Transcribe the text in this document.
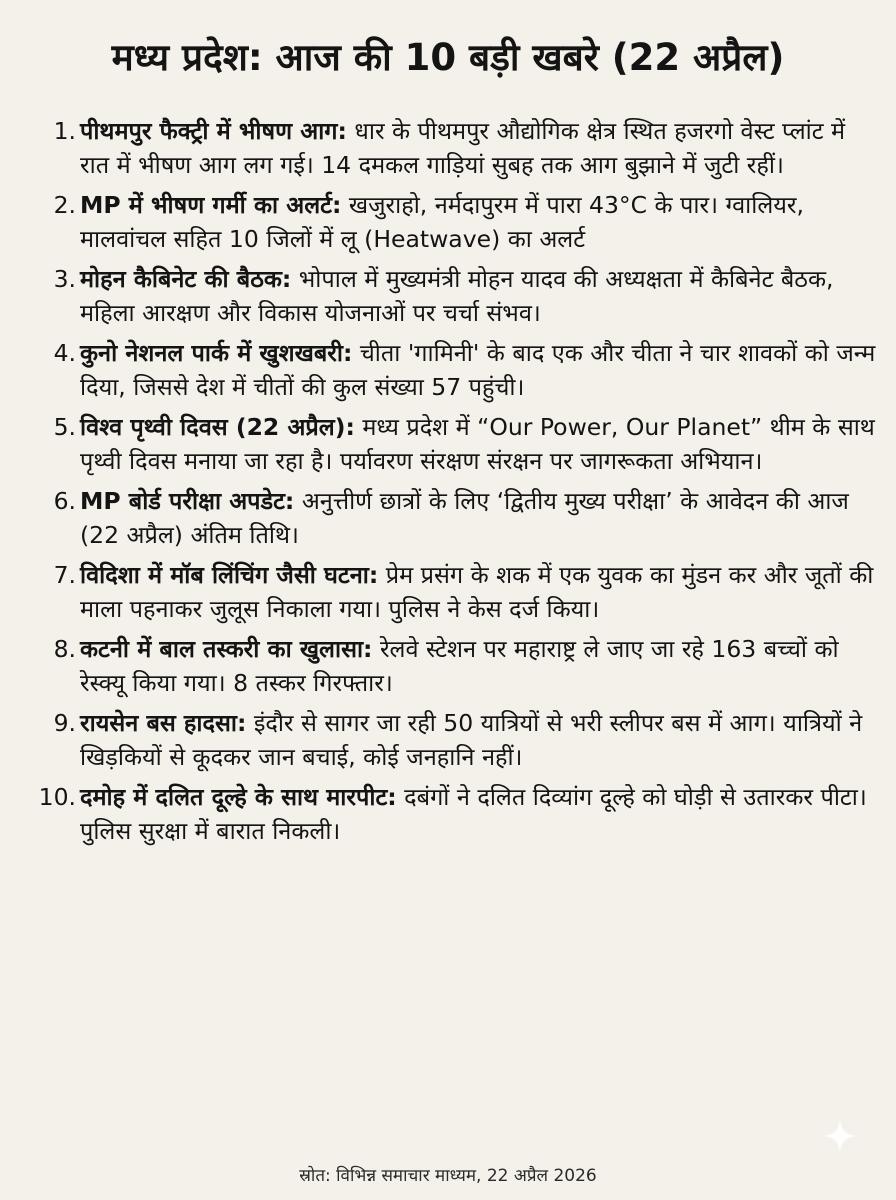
मध्य प्रदेश: आज की 10 बड़ी खबरे (22 अप्रैल)
1. पीथमपुर फैक्ट्री में भीषण आग: धार के पीथमपुर औद्योगिक क्षेत्र स्थित हजरगो वेस्ट प्लांट में रात में भीषण आग लग गई। 14 दमकल गाड़ियां सुबह तक आग बुझाने में जुटी रहीं।
2. MP में भीषण गर्मी का अलर्ट: खजुराहो, नर्मदापुरम में पारा 43°C के पार। ग्वालियर, मालवांचल सहित 10 जिलों में लू (Heatwave) का अलर्ट
3. मोहन कैबिनेट की बैठक: भोपाल में मुख्यमंत्री मोहन यादव की अध्यक्षता में कैबिनेट बैठक, महिला आरक्षण और विकास योजनाओं पर चर्चा संभव।
4. कुनो नेशनल पार्क में खुशखबरी: चीता 'गामिनी' के बाद एक और चीता ने चार शावकों को जन्म दिया, जिससे देश में चीतों की कुल संख्या 57 पहुंची।
5. विश्व पृथ्वी दिवस (22 अप्रैल): मध्य प्रदेश में “Our Power, Our Planet” थीम के साथ पृथ्वी दिवस मनाया जा रहा है। पर्यावरण संरक्षण संरक्षन पर जागरूकता अभियान।
6. MP बोर्ड परीक्षा अपडेट: अनुत्तीर्ण छात्रों के लिए ‘द्वितीय मुख्य परीक्षा’ के आवेदन की आज (22 अप्रैल) अंतिम तिथि।
7. विदिशा में मॉब लिंचिंग जैसी घटना: प्रेम प्रसंग के शक में एक युवक का मुंडन कर और जूतों की माला पहनाकर जुलूस निकाला गया। पुलिस ने केस दर्ज किया।
8. कटनी में बाल तस्करी का खुलासा: रेलवे स्टेशन पर महाराष्ट्र ले जाए जा रहे 163 बच्चों को रेस्क्यू किया गया। 8 तस्कर गिरफ्तार।
9. रायसेन बस हादसा: इंदौर से सागर जा रही 50 यात्रियों से भरी स्लीपर बस में आग। यात्रियों ने खिड़कियों से कूदकर जान बचाई, कोई जनहानि नहीं।
10. दमोह में दलित दूल्हे के साथ मारपीट: दबंगों ने दलित दिव्यांग दूल्हे को घोड़ी से उतारकर पीटा। पुलिस सुरक्षा में बारात निकली।
स्रोत: विभिन्न समाचार माध्यम, 22 अप्रैल 2026
